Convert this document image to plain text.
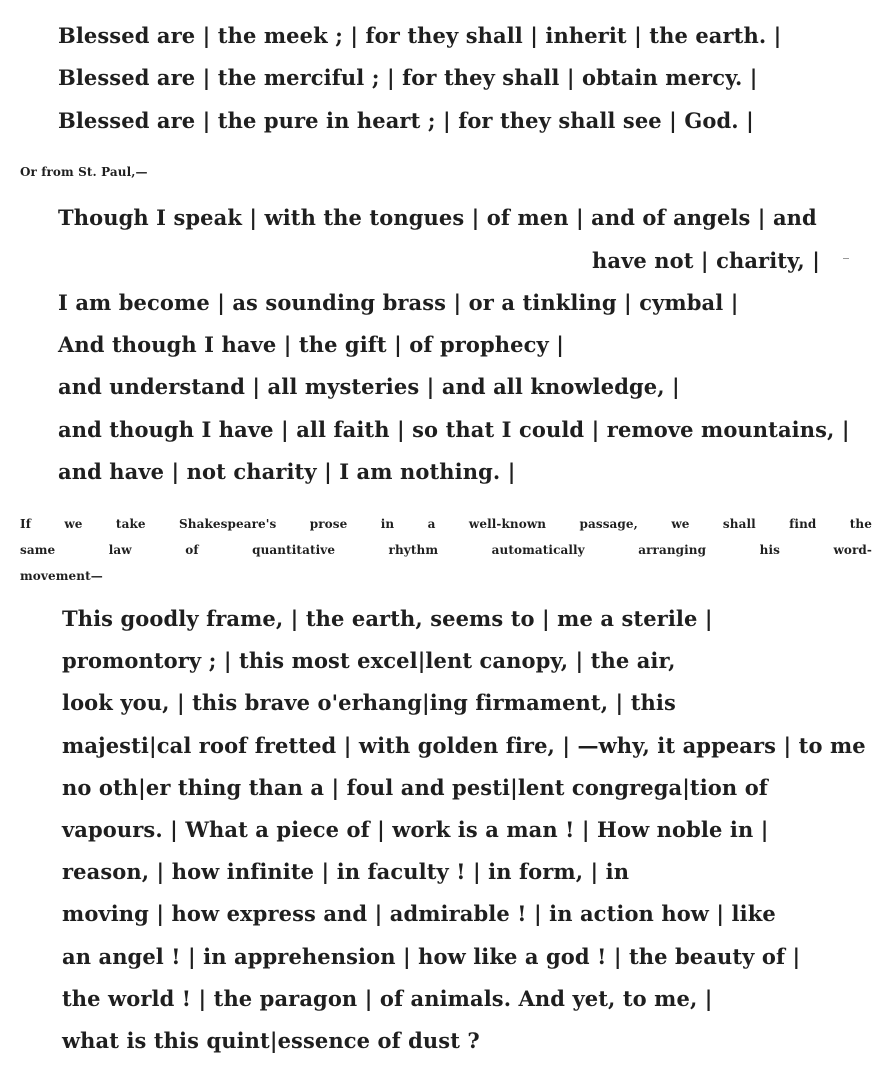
Blessed are | the meek ; | for they shall | inherit | the earth. |
Blessed are | the merciful ; | for they shall | obtain mercy. |
Blessed are | the pure in heart ; | for they shall see | God. |
Or from St. Paul,—
Though I speak | with the tongues | of men | and of angels | and
have not | charity, |
I am become | as sounding brass | or a tinkling | cymbal |
And though I have | the gift | of prophecy |
and understand | all mysteries | and all knowledge, |
and though I have | all faith | so that I could | remove mountains, |
and have | not charity | I am nothing. |
If we take Shakespeare's prose in a well-known passage, we shall find the
same law of quantitative rhythm automatically arranging his word-
movement—
This goodly frame, | the earth, seems to | me a sterile |
promontory ; | this most excel|lent canopy, | the air,
look you, | this brave o'erhang|ing firmament, | this
majesti|cal roof fretted | with golden fire, | —why, it appears | to me
no oth|er thing than a | foul and pesti|lent congrega|tion of
vapours. | What a piece of | work is a man ! | How noble in |
reason, | how infinite | in faculty ! | in form, | in
moving | how express and | admirable ! | in action how | like
an angel ! | in apprehension | how like a god ! | the beauty of |
the world ! | the paragon | of animals. And yet, to me, |
what is this quint|essence of dust ?
